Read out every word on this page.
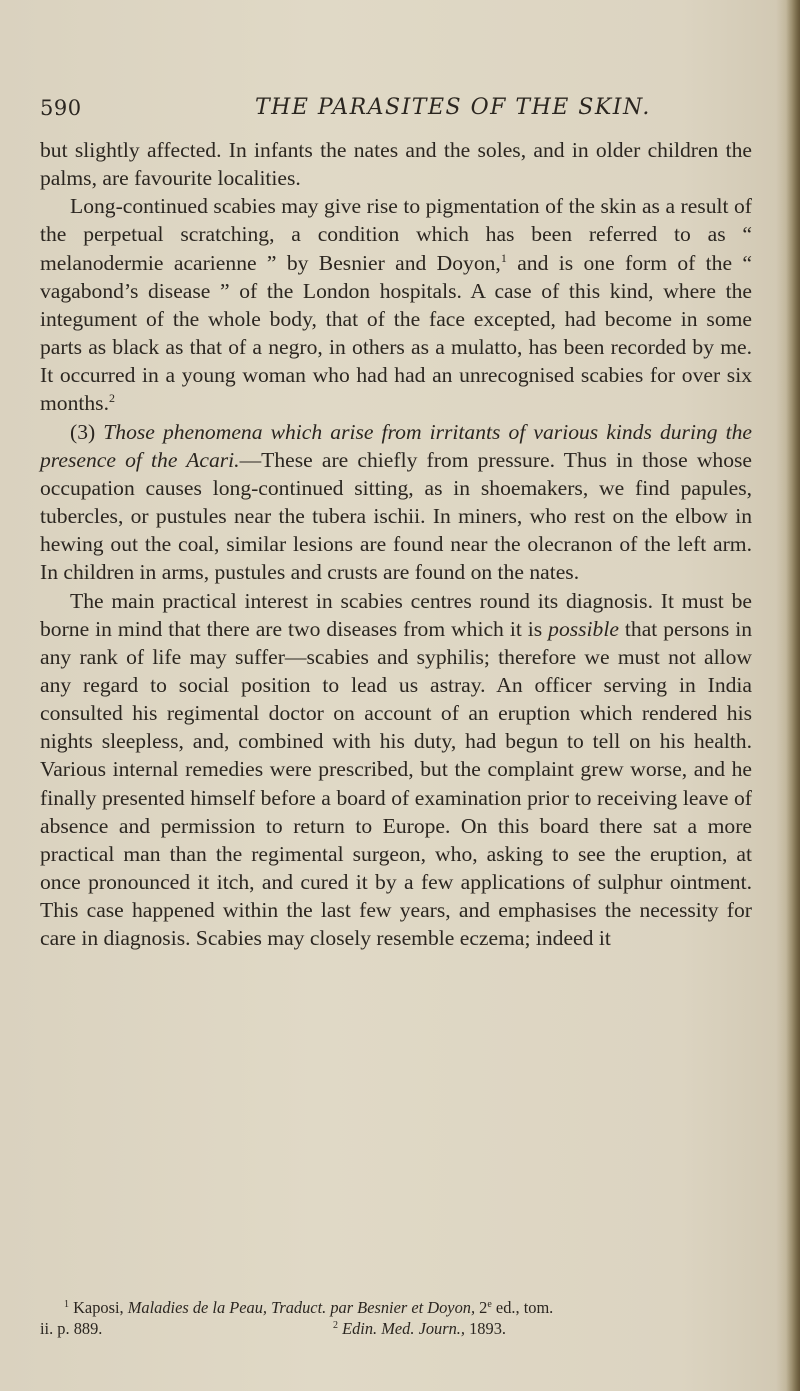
590	THE PARASITES OF THE SKIN.

but slightly affected. In infants the nates and the soles, and in older children the palms, are favourite localities.

Long-continued scabies may give rise to pigmentation of the skin as a result of the perpetual scratching, a condition which has been referred to as “ melanodermie acarienne ” by Besnier and Doyon,$^1$ and is one form of the “ vagabond’s disease ” of the London hospitals. A case of this kind, where the integument of the whole body, that of the face excepted, had become in some parts as black as that of a negro, in others as a mulatto, has been recorded by me. It occurred in a young woman who had had an unrecognised scabies for over six months.$^2$

(3) Those phenomena which arise from irritants of various kinds during the presence of the Acari.—These are chiefly from pressure. Thus in those whose occupation causes long-continued sitting, as in shoemakers, we find papules, tubercles, or pustules near the tubera ischii. In miners, who rest on the elbow in hewing out the coal, similar lesions are found near the olecranon of the left arm. In children in arms, pustules and crusts are found on the nates.

The main practical interest in scabies centres round its diagnosis. It must be borne in mind that there are two diseases from which it is possible that persons in any rank of life may suffer—scabies and syphilis; therefore we must not allow any regard to social position to lead us astray. An officer serving in India consulted his regimental doctor on account of an eruption which rendered his nights sleepless, and, combined with his duty, had begun to tell on his health. Various internal remedies were prescribed, but the complaint grew worse, and he finally presented himself before a board of examination prior to receiving leave of absence and permission to return to Europe. On this board there sat a more practical man than the regimental surgeon, who, asking to see the eruption, at once pronounced it itch, and cured it by a few applications of sulphur ointment. This case happened within the last few years, and emphasises the necessity for care in diagnosis. Scabies may closely resemble eczema; indeed it

$^1$ Kaposi, Maladies de la Peau, Traduct. par Besnier et Doyon, 2e ed., tom.

ii. p. 889.	$^2$ Edin. Med. Journ., 1893.
